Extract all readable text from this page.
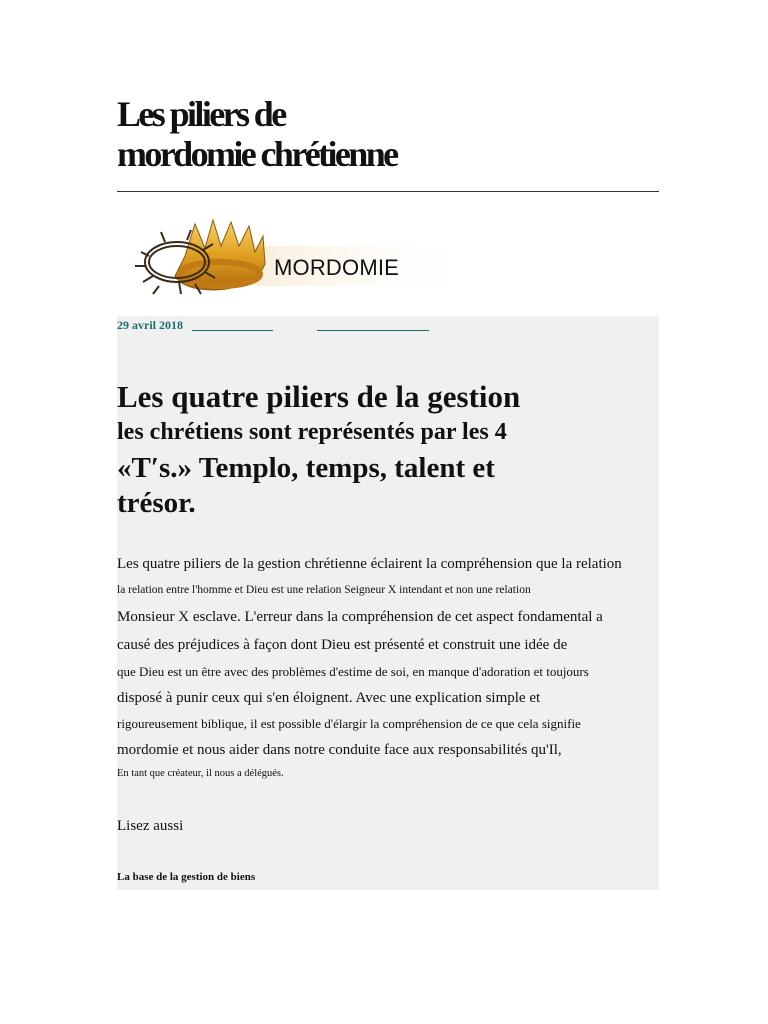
Les piliers de
mordomie chrétienne
MORDOMIE
29 avril 2018
Les quatre piliers de la gestion
les chrétiens sont représentés par les 4
«T′s.» Templo, temps, talent et
trésor.
Les quatre piliers de la gestion chrétienne éclairent la compréhension que la relation
la relation entre l'homme et Dieu est une relation Seigneur X intendant et non une relation
Monsieur X esclave. L'erreur dans la compréhension de cet aspect fondamental a
causé des préjudices à façon dont Dieu est présenté et construit une idée de
que Dieu est un être avec des problèmes d'estime de soi, en manque d'adoration et toujours
disposé à punir ceux qui s'en éloignent. Avec une explication simple et
rigoureusement biblique, il est possible d'élargir la compréhension de ce que cela signifie
mordomie et nous aider dans notre conduite face aux responsabilités qu'Il,
En tant que créateur, il nous a délégués.
Lisez aussi
La base de la gestion de biens
